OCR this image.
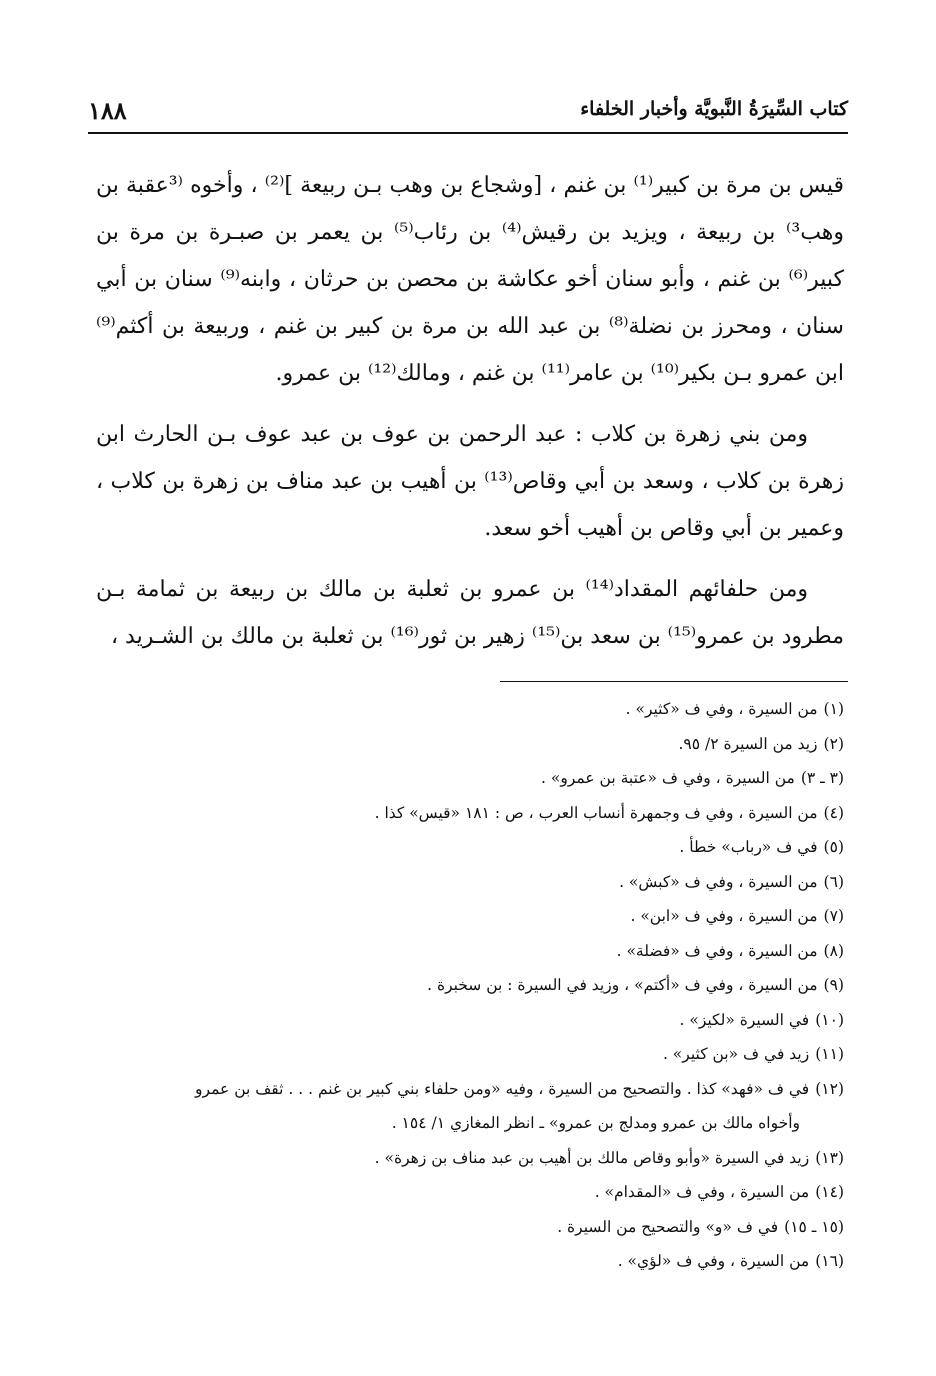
كتاب السِّيرَةُ النَّبويَّة وأخبار الخلفاء
١٨٨

قيس بن مرة بن كبير⁽¹⁾ بن غنم ، [وشجاع بن وهب بـن ربيعة ]⁽²⁾ ، وأخوه ⁽³عقبة بن وهب³⁾ بن ربيعة ، ويزيد بن رقيش⁽⁴⁾ بن رئاب⁽⁵⁾ بن يعمر بن صبـرة بن مرة بن كبير⁽⁶⁾ بن غنم ، وأبو سنان أخو عكاشة بن محصن بن حرثان ، وابنه⁽⁹⁾ سنان بن أبي سنان ، ومحرز بن نضلة⁽⁸⁾ بن عبد الله بن مرة بن كبير بن غنم ، وربيعة بن أكثم⁽⁹⁾ ابن عمرو بـن بكير⁽¹⁰⁾ بن عامر⁽¹¹⁾ بن غنم ، ومالك⁽¹²⁾ بن عمرو.

ومن بني زهرة بن كلاب : عبد الرحمن بن عوف بن عبد عوف بـن الحارث ابن زهرة بن كلاب ، وسعد بن أبي وقاص⁽¹³⁾ بن أهيب بن عبد مناف بن زهرة بن كلاب ، وعمير بن أبي وقاص بن أهيب أخو سعد.

ومن حلفائهم المقداد⁽¹⁴⁾ بن عمرو بن ثعلبة بن مالك بن ربيعة بن ثمامة بـن مطرود بن عمرو⁽¹⁵⁾ بن سعد بن⁽¹⁵⁾ زهير بن ثور⁽¹⁶⁾ بن ثعلبة بن مالك بن الشـريد ،

(١)من السيرة ، وفي ف «كثير» .
(٢)زيد من السيرة ٢/ ٩٥.
(٣ ـ ٣)من السيرة ، وفي ف «عتبة بن عمرو» .
(٤)من السيرة ، وفي ف وجمهرة أنساب العرب ، ص : ١٨١ «قيس» كذا .
(٥)في ف «رباب» خطأ .
(٦)من السيرة ، وفي ف «كبش» .
(٧)من السيرة ، وفي ف «ابن» .
(٨)من السيرة ، وفي ف «فضلة» .
(٩)من السيرة ، وفي ف «أكتم» ، وزيد في السيرة : بن سخبرة .
(١٠)في السيرة «لكيز» .
(١١)زيد في ف «بن كثير» .
(١٢)في ف «فهد» كذا . والتصحيح من السيرة ، وفيه «ومن حلفاء بني كبير بن غنم . . . ثقف بن عمرو
وأخواه مالك بن عمرو ومدلج بن عمرو» ـ انظر المغازي ١/ ١٥٤ .
(١٣)زيد في السيرة «وأبو وقاص مالك بن أهيب بن عبد مناف بن زهرة» .
(١٤)من السيرة ، وفي ف «المقدام» .
(١٥ ـ ١٥)في ف «و» والتصحيح من السيرة .
(١٦)من السيرة ، وفي ف «لؤي» .
